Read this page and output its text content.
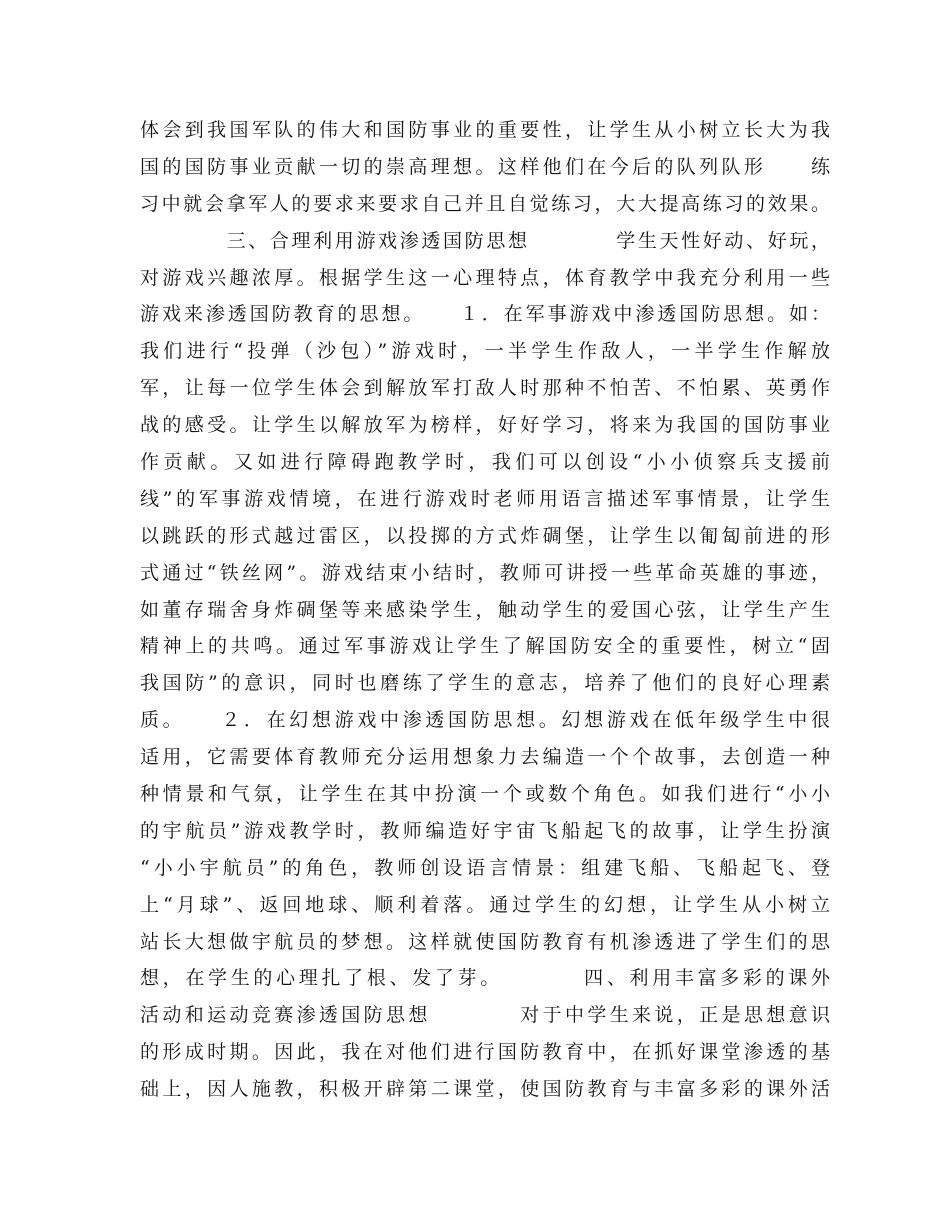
体会到我国军队的伟大和国防事业的重要性，让学生从小树立长大为我
国的国防事业贡献一切的崇高理想。这样他们在今后的队列队形　　练
习中就会拿军人的要求来要求自己并且自觉练习，大大提高练习的效果。
　　　　三、合理利用游戏渗透国防思想　　　　学生天性好动、好玩，
对游戏兴趣浓厚。根据学生这一心理特点，体育教学中我充分利用一些
游戏来渗透国防教育的思想。　　１．在军事游戏中渗透国防思想。如：
我们进行“投弹（沙包）”游戏时，一半学生作敌人，一半学生作解放
军，让每一位学生体会到解放军打敌人时那种不怕苦、不怕累、英勇作
战的感受。让学生以解放军为榜样，好好学习，将来为我国的国防事业
作贡献。又如进行障碍跑教学时，我们可以创设“小小侦察兵支援前
线”的军事游戏情境，在进行游戏时老师用语言描述军事情景，让学生
以跳跃的形式越过雷区，以投掷的方式炸碉堡，让学生以匍匐前进的形
式通过“铁丝网”。游戏结束小结时，教师可讲授一些革命英雄的事迹，
如董存瑞舍身炸碉堡等来感染学生，触动学生的爱国心弦，让学生产生
精神上的共鸣。通过军事游戏让学生了解国防安全的重要性，树立“固
我国防”的意识，同时也磨练了学生的意志，培养了他们的良好心理素
质。　　２．在幻想游戏中渗透国防思想。幻想游戏在低年级学生中很
适用，它需要体育教师充分运用想象力去编造一个个故事，去创造一种
种情景和气氛，让学生在其中扮演一个或数个角色。如我们进行“小小
的宇航员”游戏教学时，教师编造好宇宙飞船起飞的故事，让学生扮演
“小小宇航员”的角色，教师创设语言情景：组建飞船、飞船起飞、登
上“月球”、返回地球、顺利着落。通过学生的幻想，让学生从小树立
站长大想做宇航员的梦想。这样就使国防教育有机渗透进了学生们的思
想，在学生的心理扎了根、发了芽。　　　　四、利用丰富多彩的课外
活动和运动竞赛渗透国防思想　　　　对于中学生来说，正是思想意识
的形成时期。因此，我在对他们进行国防教育中，在抓好课堂渗透的基
础上，因人施教，积极开辟第二课堂，使国防教育与丰富多彩的课外活
